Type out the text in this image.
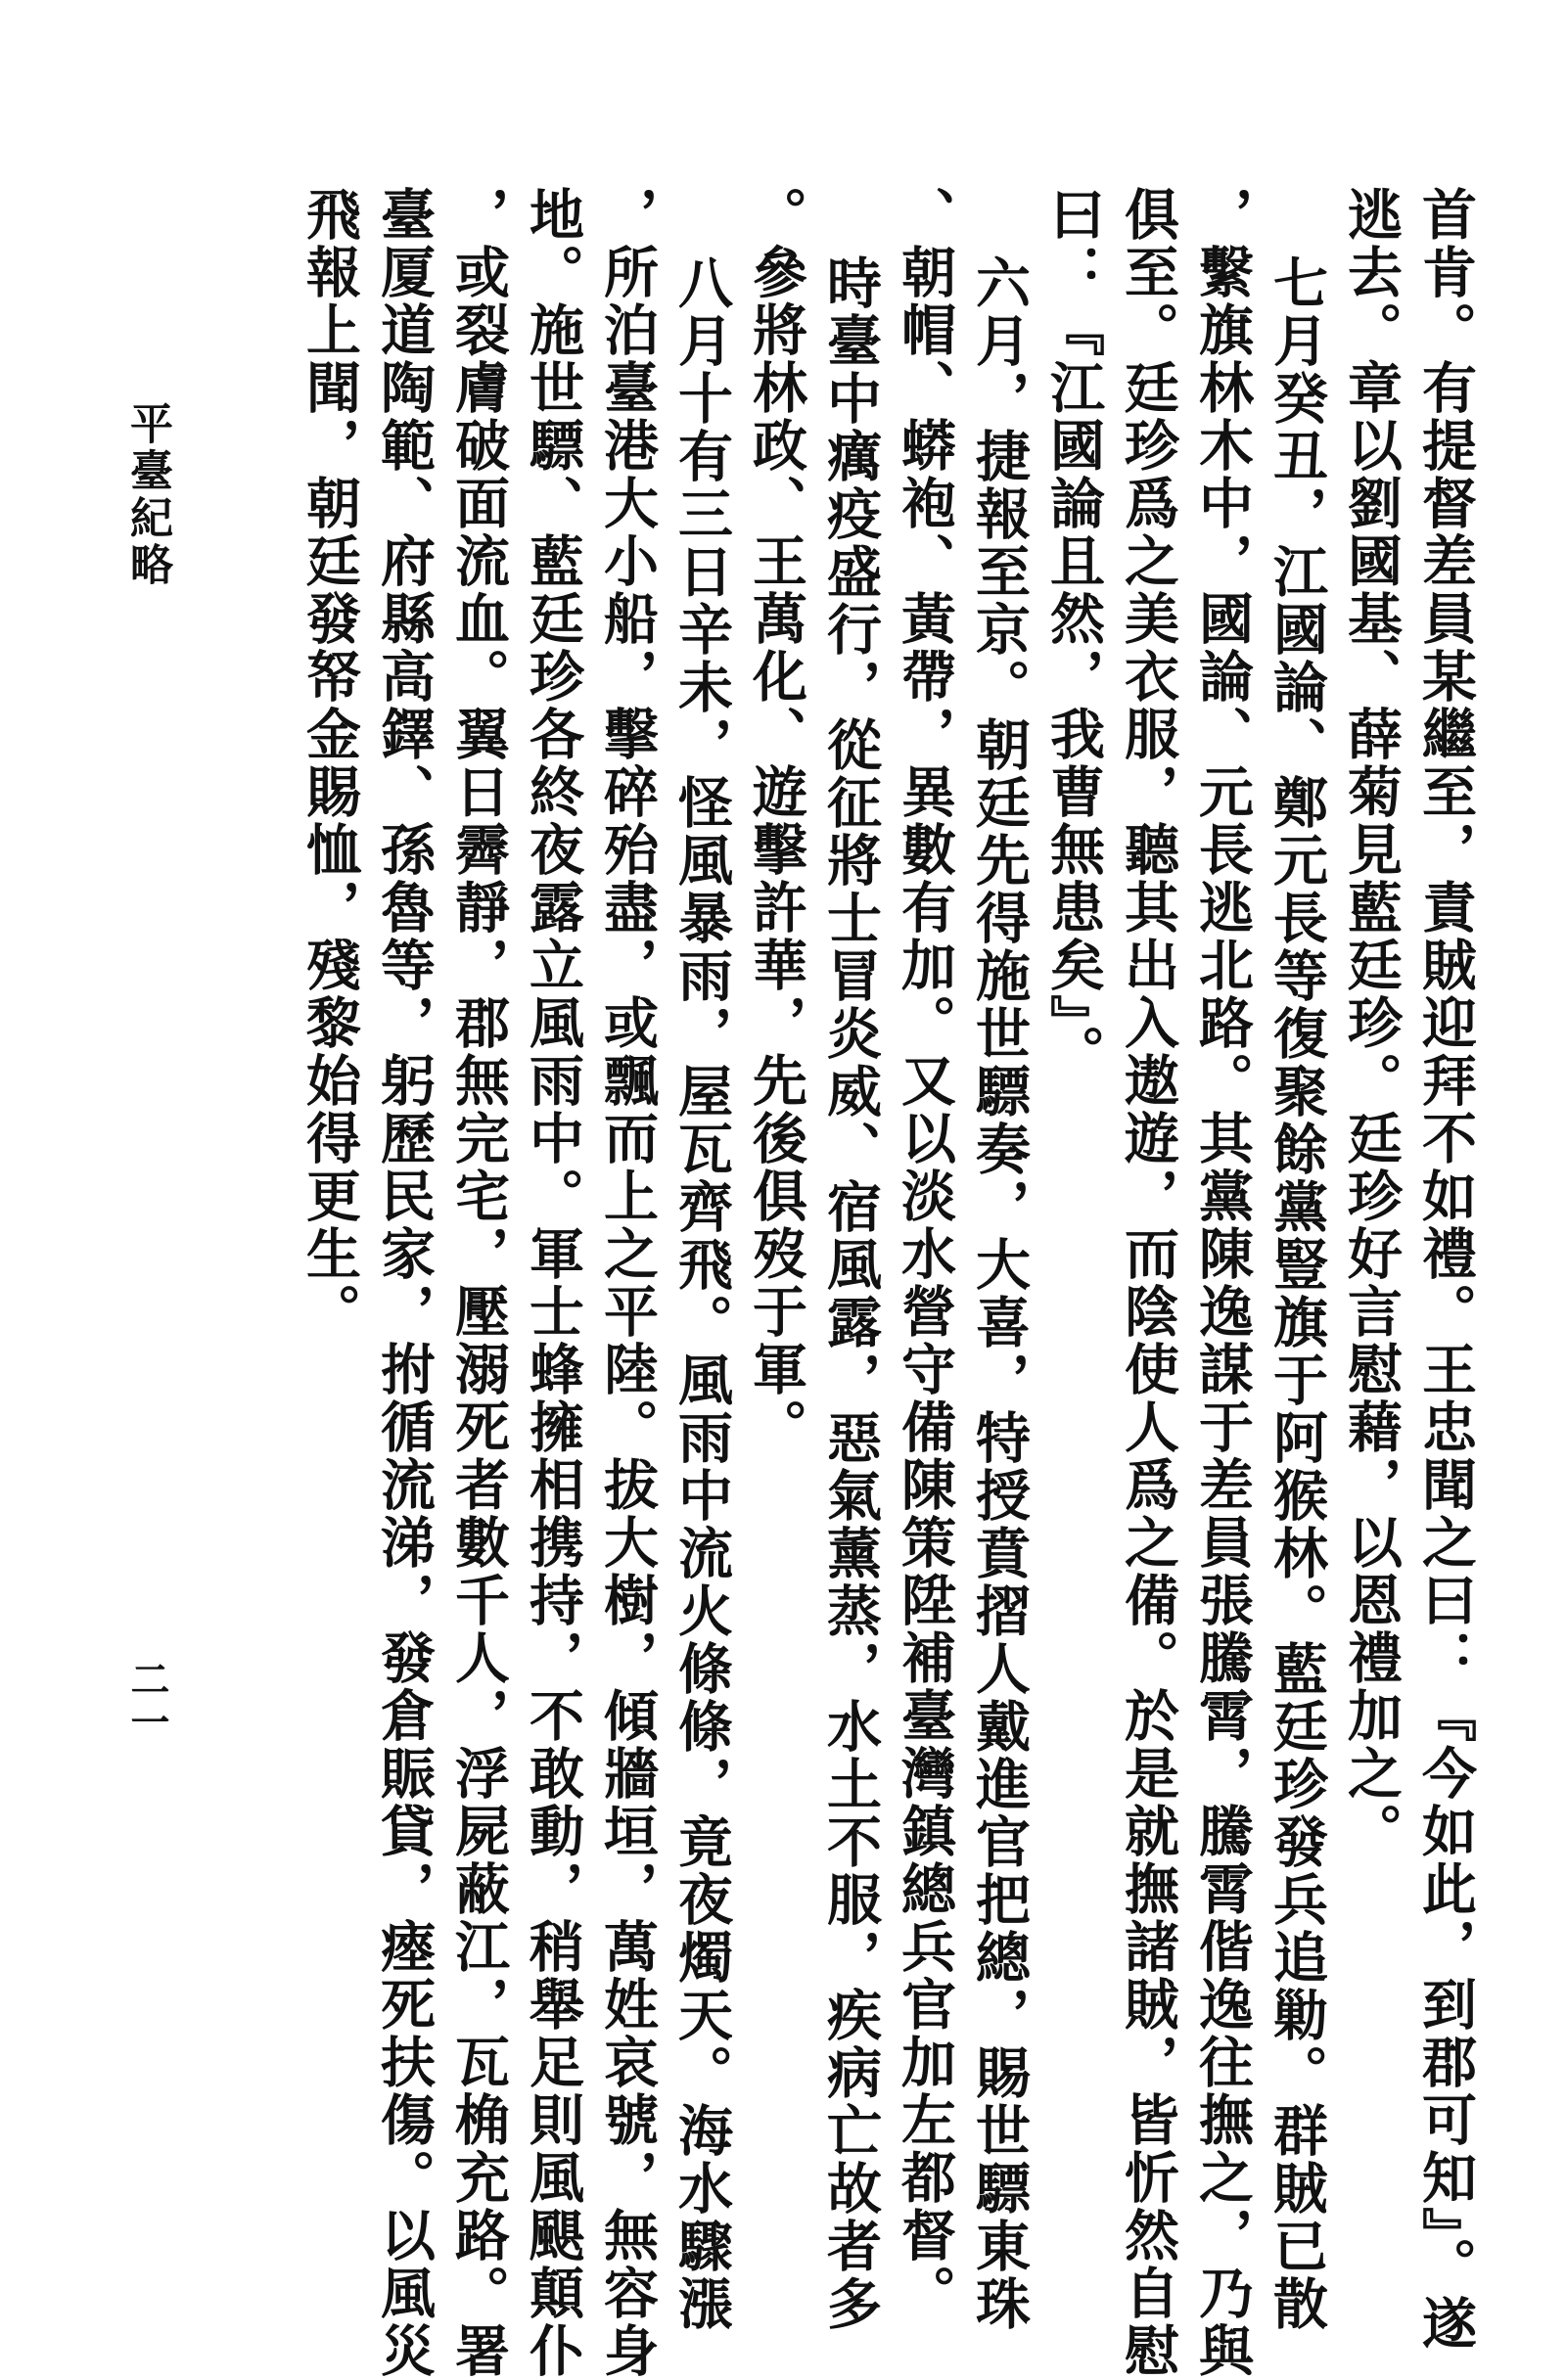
首肯。有提督差員某繼至，責賊迎拜不如禮。王忠聞之曰：『今如此，到郡可知』。遂
逃去。章以劉國基、薛菊見藍廷珍。廷珍好言慰藉，以恩禮加之。
七月癸丑，江國論、鄭元長等復聚餘黨豎旗于阿猴林。藍廷珍發兵追勦。群賊已散
，繫旗林木中，國論、元長逃北路。其黨陳逸謀于差員張騰霄，騰霄偕逸往撫之，乃與
俱至。廷珍爲之美衣服，聽其出入遨遊，而陰使人爲之備。於是就撫諸賊，皆忻然自慰
曰：『江國論且然，我曹無患矣』。
六月，捷報至京。朝廷先得施世驃奏，大喜，特授賁摺人戴進官把總，賜世驃東珠
、朝帽、蟒袍、黃帶，異數有加。又以淡水營守備陳策陞補臺灣鎮總兵官加左都督。
時臺中癘疫盛行，從征將士冒炎威、宿風露，惡氣薰蒸，水土不服，疾病亡故者多
。參將林政、王萬化、遊擊許華，先後俱歿于軍。
八月十有三日辛未，怪風暴雨，屋瓦齊飛。風雨中流火條條，竟夜燭天。海水驟漲
，所泊臺港大小船，擊碎殆盡，或飄而上之平陸。拔大樹，傾牆垣，萬姓哀號，無容身
地。施世驃、藍廷珍各終夜露立風雨中。軍士蜂擁相携持，不敢動，稍舉足則風颶顛仆
，或裂膚破面流血。翼日霽靜，郡無完宅，壓溺死者數千人，浮屍蔽江，瓦桷充路。署
臺厦道陶範、府縣高鐸、孫魯等，躬歷民家，拊循流涕，發倉賑貸，瘞死扶傷。以風災
飛報上聞，朝廷發帑金賜恤，殘黎始得更生。
平臺紀略
二一
